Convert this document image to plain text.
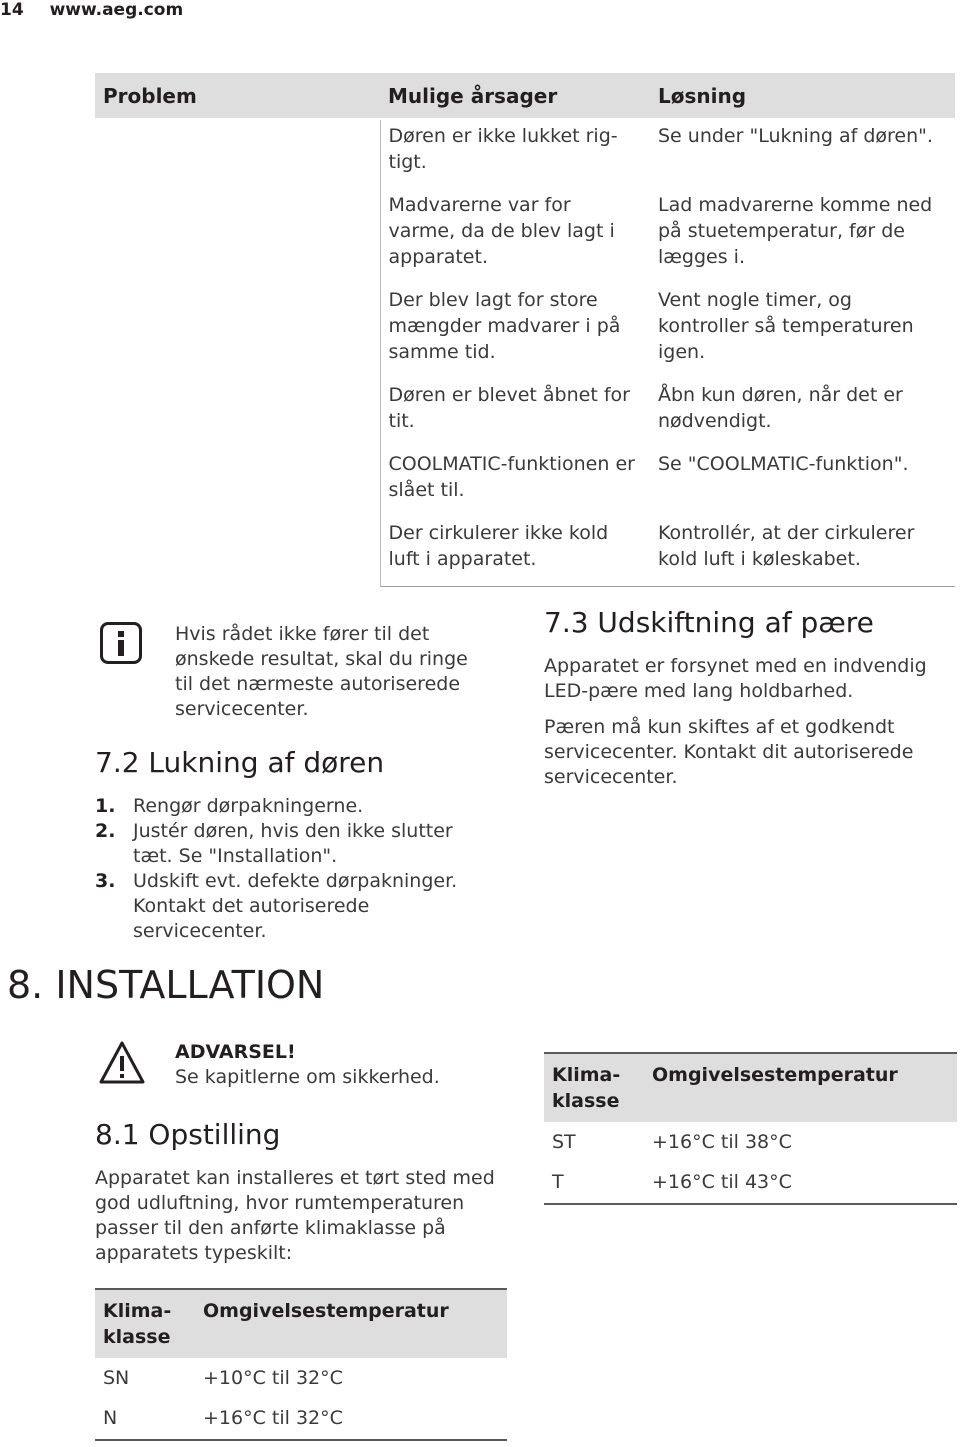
14 www.aeg.com
Problem	Mulige årsager	Løsning
	Døren er ikke lukket rig-tigt.	Se under "Lukning af døren".
	Madvarerne var for varme, da de blev lagt i apparatet.	Lad madvarerne komme ned på stuetemperatur, før de lægges i.
	Der blev lagt for store mængder madvarer i på samme tid.	Vent nogle timer, og kontroller så temperaturen igen.
	Døren er blevet åbnet for tit.	Åbn kun døren, når det er nødvendigt.
	COOLMATIC-funktionen er slået til.	Se "COOLMATIC-funktion".
	Der cirkulerer ikke kold luft i apparatet.	Kontrollér, at der cirkulerer kold luft i køleskabet.
Hvis rådet ikke fører til det ønskede resultat, skal du ringe til det nærmeste autoriserede servicecenter.
7.2 Lukning af døren
1. Rengør dørpakningerne.
2. Justér døren, hvis den ikke slutter tæt. Se "Installation".
3. Udskift evt. defekte dørpakninger. Kontakt det autoriserede servicecenter.
7.3 Udskiftning af pære
Apparatet er forsynet med en indvendig LED-pære med lang holdbarhed.
Pæren må kun skiftes af et godkendt servicecenter. Kontakt dit autoriserede servicecenter.
8. INSTALLATION
ADVARSEL!
Se kapitlerne om sikkerhed.
8.1 Opstilling
Apparatet kan installeres et tørt sted med god udluftning, hvor rumtemperaturen passer til den anførte klimaklasse på apparatets typeskilt:
Klima-
klasse	Omgivelsestemperatur
SN	+10°C til 32°C
N	+16°C til 32°C
Klima-
klasse	Omgivelsestemperatur
ST	+16°C til 38°C
T	+16°C til 43°C
